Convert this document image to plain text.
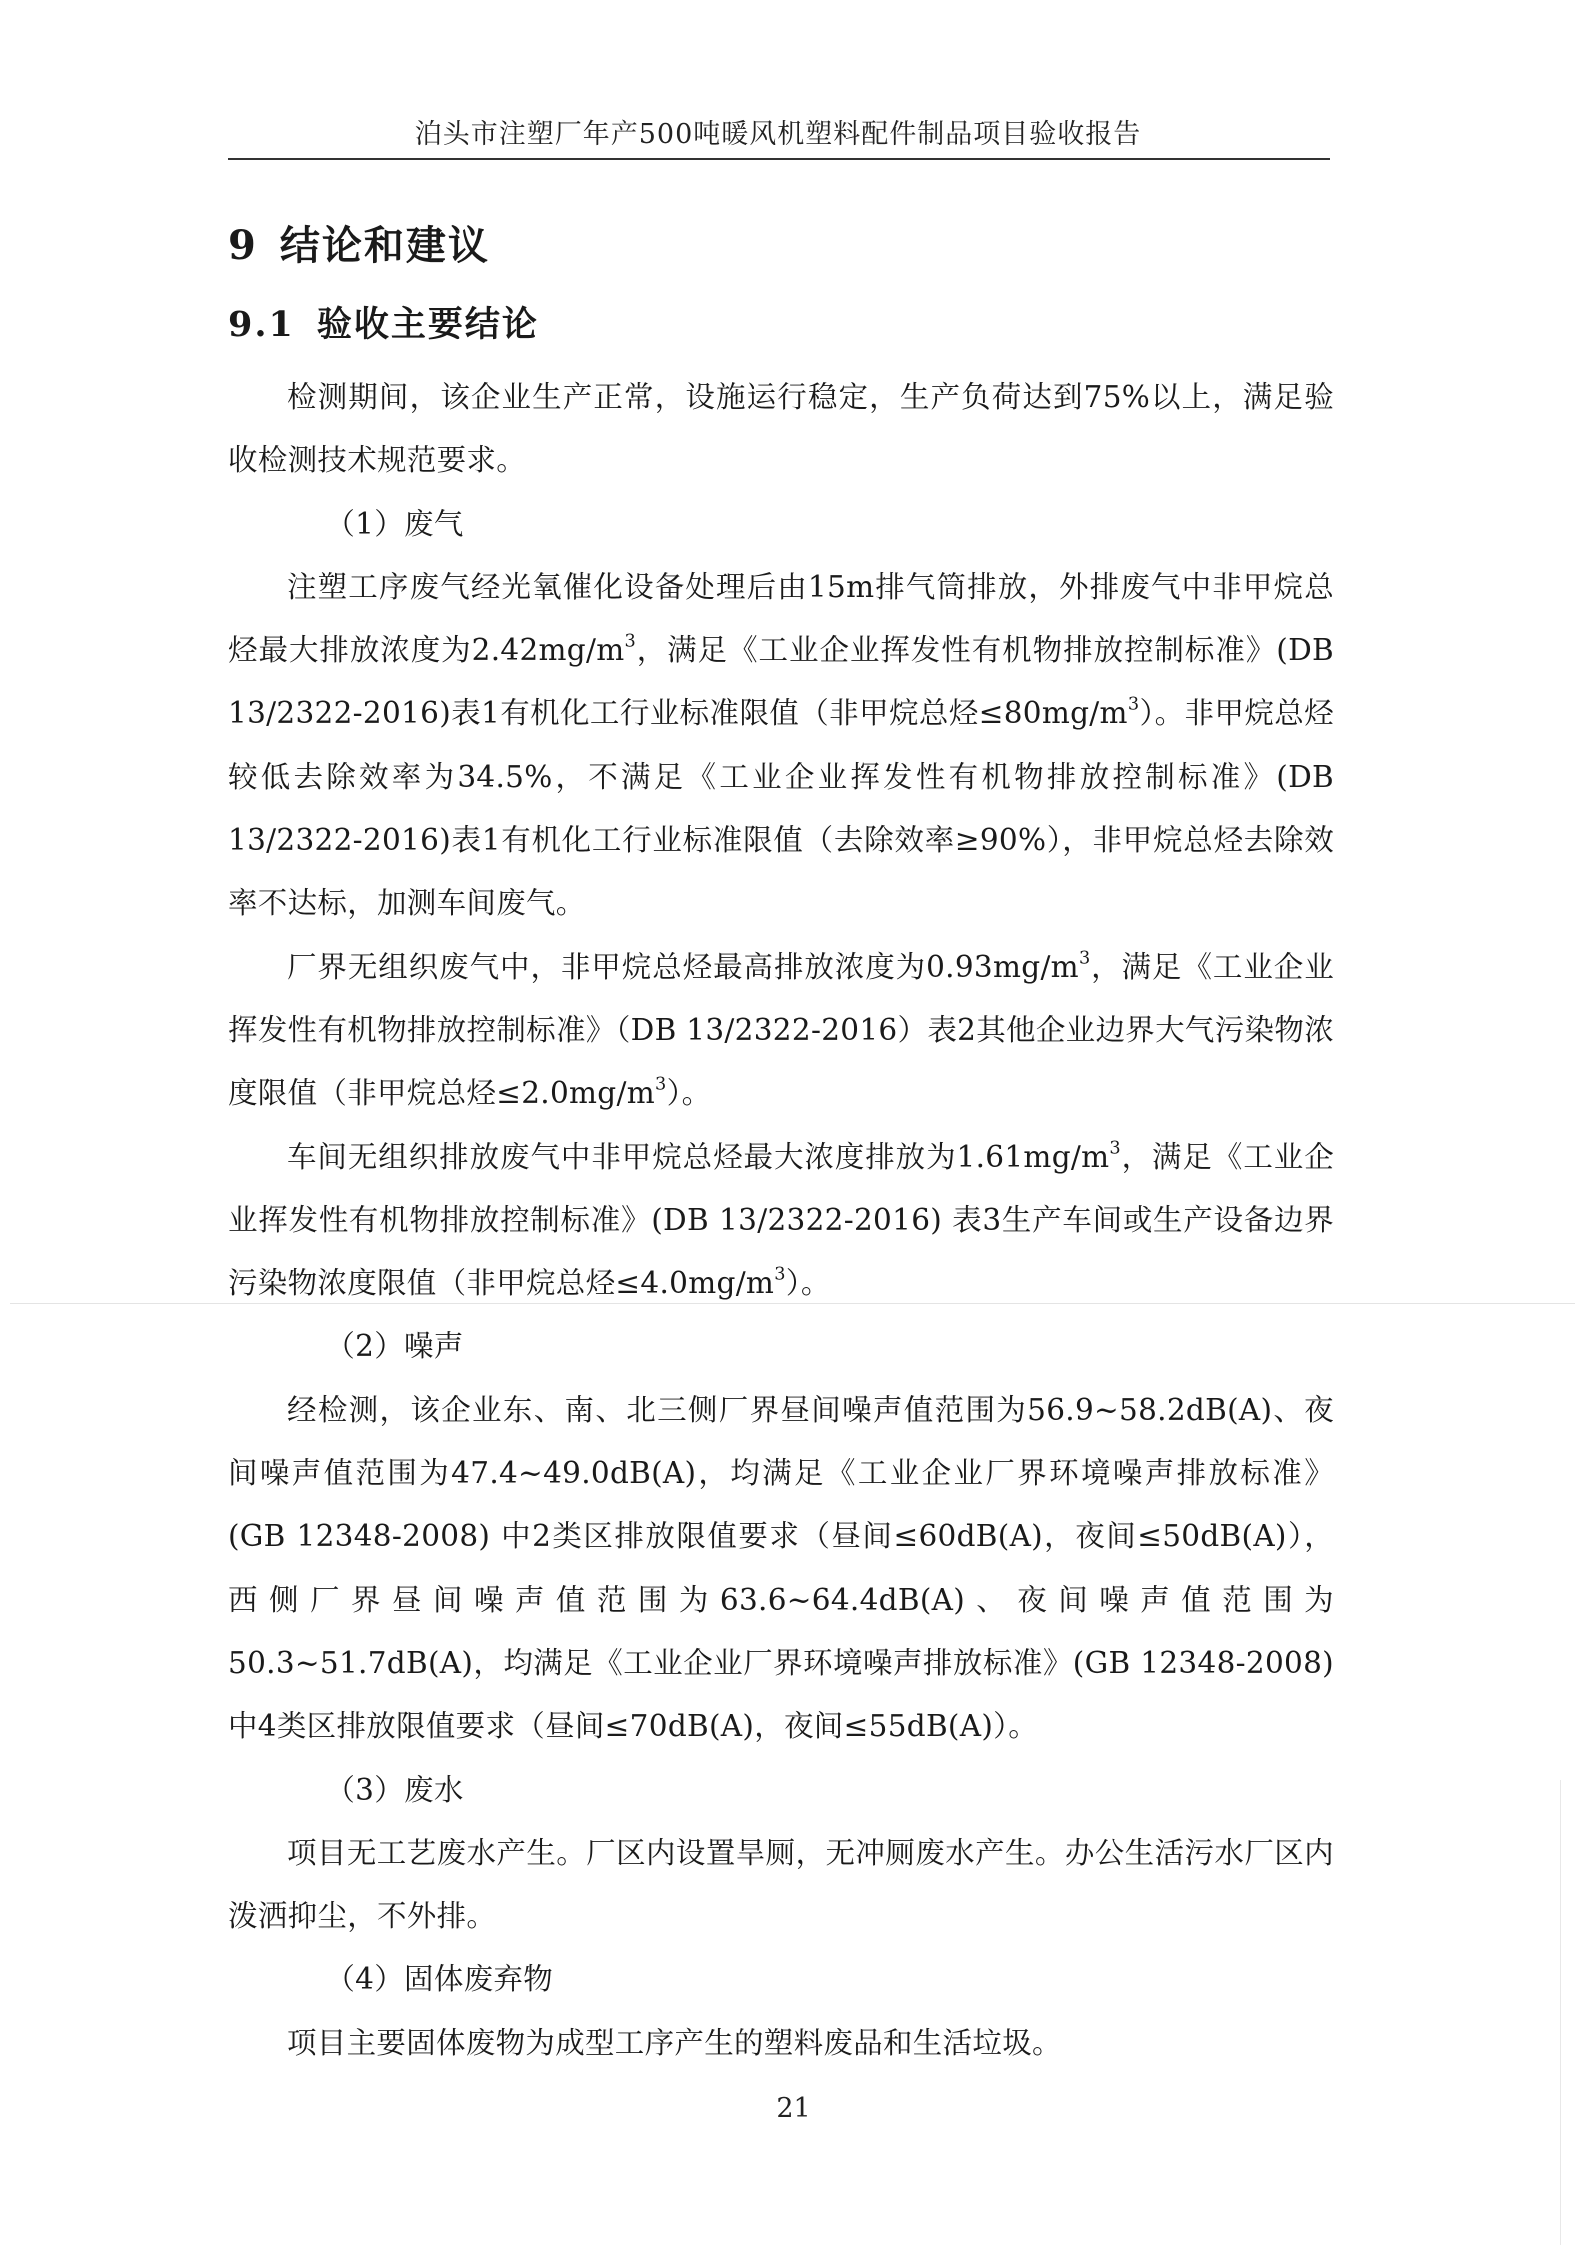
泊头市注塑厂年产500吨暖风机塑料配件制品项目验收报告
9 结论和建议
9.1 验收主要结论

检测期间，该企业生产正常，设施运行稳定，生产负荷达到75%以上，满足验收检测技术规范要求。

（1）废气

注塑工序废气经光氧催化设备处理后由15m排气筒排放，外排废气中非甲烷总烃最大排放浓度为$2.42mg/m^3$，满足《工业企业挥发性有机物排放控制标准》(DB 13/2322-2016)表1有机化工行业标准限值（非甲烷总烃$\le 80mg/m^3$）。非甲烷总烃较低去除效率为34.5%，不满足《工业企业挥发性有机物排放控制标准》(DB 13/2322-2016)表1有机化工行业标准限值（去除效率≥90%），非甲烷总烃去除效率不达标，加测车间废气。

厂界无组织废气中，非甲烷总烃最高排放浓度为$0.93mg/m^3$，满足《工业企业挥发性有机物排放控制标准》（DB 13/2322-2016）表2其他企业边界大气污染物浓度限值（非甲烷总烃$\le 2.0mg/m^3$）。

车间无组织排放废气中非甲烷总烃最大浓度排放为$1.61mg/m^3$，满足《工业企业挥发性有机物排放控制标准》(DB 13/2322-2016) 表3生产车间或生产设备边界污染物浓度限值（非甲烷总烃$\le 4.0mg/m^3$）。

（2）噪声

经检测，该企业东、南、北三侧厂界昼间噪声值范围为56.9~58.2dB(A)、夜间噪声值范围为47.4~49.0dB(A)，均满足《工业企业厂界环境噪声排放标准》(GB 12348-2008) 中2类区排放限值要求（昼间≤60dB(A)，夜间≤50dB(A)），西侧厂界昼间噪声值范围为63.6~64.4dB(A)、夜间噪声值范围为50.3~51.7dB(A)，均满足《工业企业厂界环境噪声排放标准》(GB 12348-2008) 中4类区排放限值要求（昼间≤70dB(A)，夜间≤55dB(A)）。

（3）废水

项目无工艺废水产生。厂区内设置旱厕，无冲厕废水产生。办公生活污水厂区内泼洒抑尘，不外排。

（4）固体废弃物

项目主要固体废物为成型工序产生的塑料废品和生活垃圾。

21
